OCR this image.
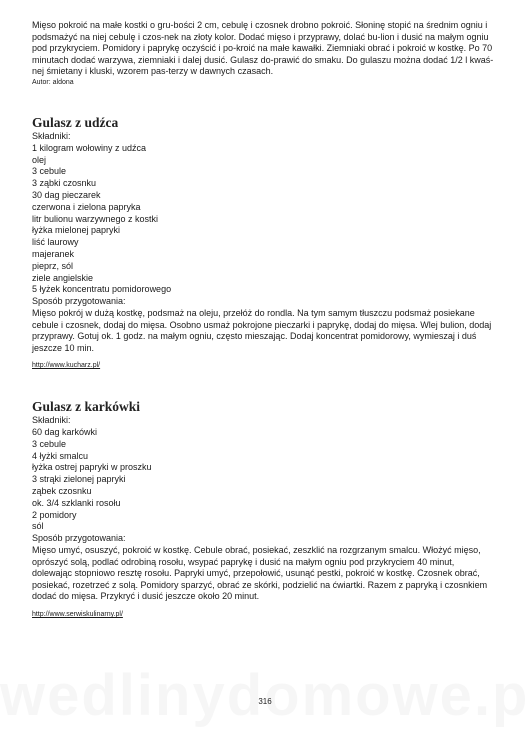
Mięso pokroić na małe kostki o gru-bości 2 cm, cebulę i czosnek drobno pokroić. Słoninę stopić na średnim ogniu i podsmażyć na niej cebulę i czos-nek na złoty kolor. Dodać mięso i przyprawy, dolać bu-lion i dusić na małym ogniu pod przykryciem. Pomidory i paprykę oczyścić i po-kroić na małe kawałki. Ziemniaki obrać i pokroić w kostkę. Po 70 minutach dodać warzywa, ziemniaki i dalej dusić. Gulasz do-prawić do smaku. Do gulaszu można dodać 1/2 l kwaś-nej śmietany i kluski, wzorem pas-terzy w dawnych czasach.

Autor: aldona

Gulasz z udźca

Składniki:

1 kilogram wołowiny z udźca

olej

3 cebule

3 ząbki czosnku

30 dag pieczarek

czerwona i zielona papryka

litr bulionu warzywnego z kostki

łyżka mielonej papryki

liść laurowy

majeranek

pieprz, sól

ziele angielskie

5 łyżek koncentratu pomidorowego

Sposób przygotowania:

Mięso pokrój w dużą kostkę, podsmaż na oleju, przełóż do rondla. Na tym samym tłuszczu podsmaż posiekane cebule i czosnek, dodaj do mięsa. Osobno usmaż pokrojone pieczarki i paprykę, dodaj do mięsa. Wlej bulion, dodaj przyprawy. Gotuj ok. 1 godz. na małym ogniu, często mieszając. Dodaj koncentrat pomidorowy, wymieszaj i duś jeszcze 10 min.

http://www.kucharz.pl/
Gulasz z karkówki

Składniki:

60 dag karkówki

3 cebule

4 łyżki smalcu

łyżka ostrej papryki w proszku

3 strąki zielonej papryki

ząbek czosnku

ok. 3/4 szklanki rosołu

2 pomidory

sól

Sposób przygotowania:

Mięso umyć, osuszyć, pokroić w kostkę. Cebule obrać, posiekać, zeszklić na rozgrzanym smalcu. Włożyć mięso, oprószyć solą, podlać odrobiną rosołu, wsypać paprykę i dusić na małym ogniu pod przykryciem 40 minut, dolewając stopniowo resztę rosołu. Papryki umyć, przepołowić, usunąć pestki, pokroić w kostkę. Czosnek obrać, posiekać, rozetrzeć z solą. Pomidory sparzyć, obrać ze skórki, podzielić na ćwiartki. Razem z papryką i czosnkiem dodać do mięsa. Przykryć i dusić jeszcze około 20 minut.

http://www.serwiskulinarny.pl/
316
